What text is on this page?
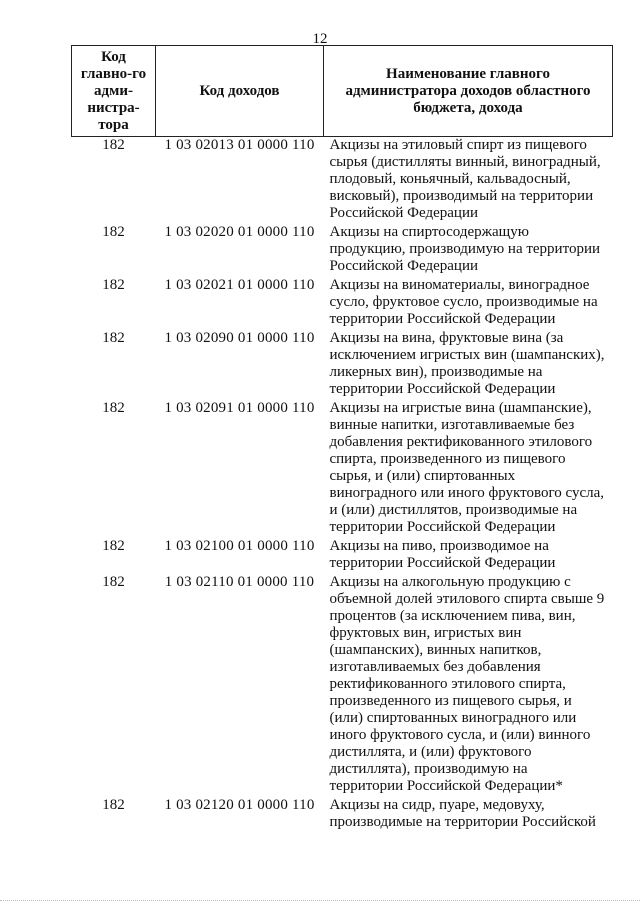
12
Код главно-го адми-нистра-тора	Код доходов	Наименование главного администратора доходов областного бюджета, дохода
182	1 03 02013 01 0000 110	Акцизы на этиловый спирт из пищевого сырья (дистилляты винный, виноградный, плодовый, коньячный, кальвадосный, висковый), производимый на территории Российской Федерации
182	1 03 02020 01 0000 110	Акцизы на спиртосодержащую продукцию, производимую на территории Российской Федерации
182	1 03 02021 01 0000 110	Акцизы на виноматериалы, виноградное сусло, фруктовое сусло, производимые на территории Российской Федерации
182	1 03 02090 01 0000 110	Акцизы на вина, фруктовые вина (за исключением игристых вин (шампанских), ликерных вин), производимые на территории Российской Федерации
182	1 03 02091 01 0000 110	Акцизы на игристые вина (шампанские), винные напитки, изготавливаемые без добавления ректификованного этилового спирта, произведенного из пищевого сырья, и (или) спиртованных виноградного или иного фруктового сусла, и (или) дистиллятов, производимые на территории Российской Федерации
182	1 03 02100 01 0000 110	Акцизы на пиво, производимое на территории Российской Федерации
182	1 03 02110 01 0000 110	Акцизы на алкогольную продукцию с объемной долей этилового спирта свыше 9 процентов (за исключением пива, вин, фруктовых вин, игристых вин (шампанских), винных напитков, изготавливаемых без добавления ректификованного этилового спирта, произведенного из пищевого сырья, и (или) спиртованных виноградного или иного фруктового сусла, и (или) винного дистиллята, и (или) фруктового дистиллята), производимую на территории Российской Федерации*
182	1 03 02120 01 0000 110	Акцизы на сидр, пуаре, медовуху, производимые на территории Российской
